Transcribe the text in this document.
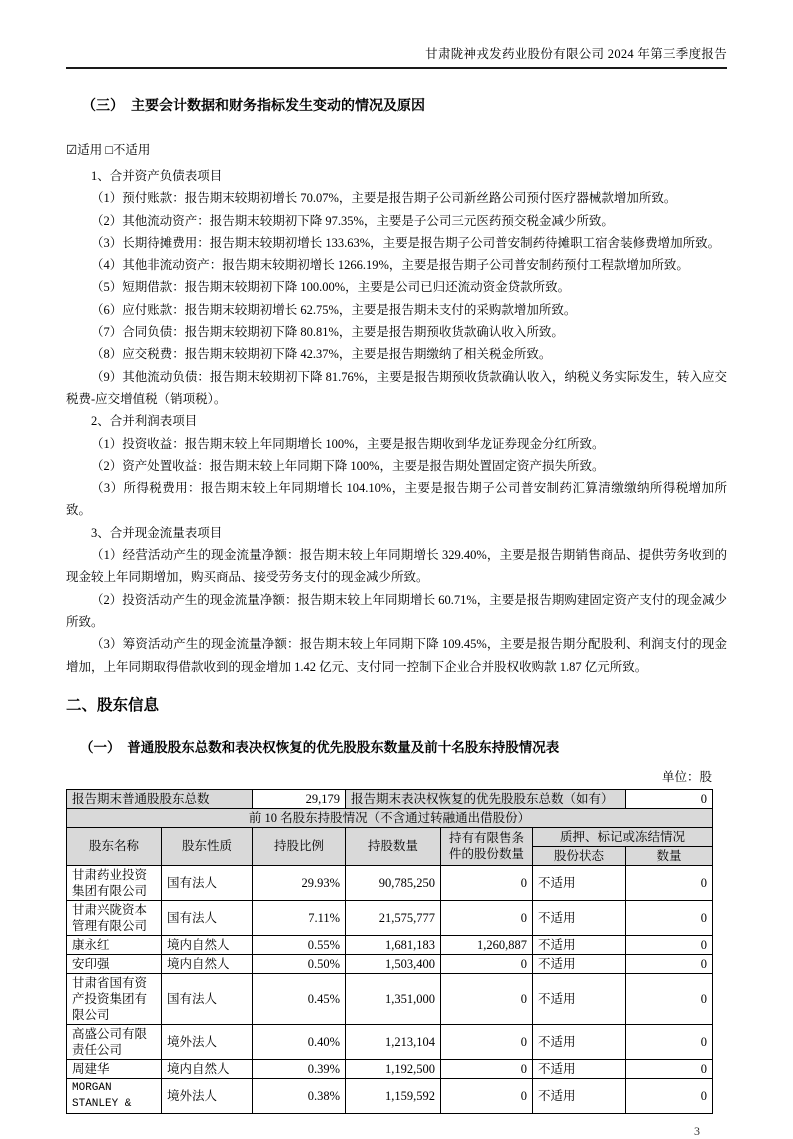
甘肃陇神戎发药业股份有限公司 2024 年第三季度报告
（三）　主要会计数据和财务指标发生变动的情况及原因
☑适用 □不适用

1、合并资产负债表项目

（1）预付账款：报告期末较期初增长 70.07%，主要是报告期子公司新丝路公司预付医疗器械款增加所致。

（2）其他流动资产：报告期末较期初下降 97.35%，主要是子公司三元医药预交税金减少所致。

（3）长期待摊费用：报告期末较期初增长 133.63%，主要是报告期子公司普安制药待摊职工宿舍装修费增加所致。

（4）其他非流动资产：报告期末较期初增长 1266.19%，主要是报告期子公司普安制药预付工程款增加所致。

（5）短期借款：报告期末较期初下降 100.00%，主要是公司已归还流动资金贷款所致。

（6）应付账款：报告期末较期初增长 62.75%，主要是报告期未支付的采购款增加所致。

（7）合同负债：报告期末较期初下降 80.81%，主要是报告期预收货款确认收入所致。

（8）应交税费：报告期末较期初下降 42.37%，主要是报告期缴纳了相关税金所致。

（9）其他流动负债：报告期末较期初下降 81.76%，主要是报告期预收货款确认收入，纳税义务实际发生，转入应交税费-应交增值税（销项税）。

2、合并利润表项目

（1）投资收益：报告期末较上年同期增长 100%，主要是报告期收到华龙证券现金分红所致。

（2）资产处置收益：报告期末较上年同期下降 100%，主要是报告期处置固定资产损失所致。

（3）所得税费用：报告期末较上年同期增长 104.10%，主要是报告期子公司普安制药汇算清缴缴纳所得税增加所致。

3、合并现金流量表项目

（1）经营活动产生的现金流量净额：报告期末较上年同期增长 329.40%，主要是报告期销售商品、提供劳务收到的现金较上年同期增加，购买商品、接受劳务支付的现金减少所致。

（2）投资活动产生的现金流量净额：报告期末较上年同期增长 60.71%，主要是报告期购建固定资产支付的现金减少所致。

（3）筹资活动产生的现金流量净额：报告期末较上年同期下降 109.45%，主要是报告期分配股利、利润支付的现金增加，上年同期取得借款收到的现金增加 1.42 亿元、支付同一控制下企业合并股权收购款 1.87 亿元所致。

二、股东信息
（一）　普通股股东总数和表决权恢复的优先股股东数量及前十名股东持股情况表
单位：股
报告期末普通股股东总数		29,179	报告期末表决权恢复的优先股股东总数（如有）			0
前 10 名股东持股情况（不含通过转融通出借股份）						
股东名称	股东性质	持股比例	持股数量	持有有限售条件的股份数量	质押、标记或冻结情况	
					股份状态	数量
甘肃药业投资集团有限公司	国有法人	29.93%	90,785,250	0	不适用	0
甘肃兴陇资本管理有限公司	国有法人	7.11%	21,575,777	0	不适用	0
康永红	境内自然人	0.55%	1,681,183	1,260,887	不适用	0
安印强	境内自然人	0.50%	1,503,400	0	不适用	0
甘肃省国有资产投资集团有限公司	国有法人	0.45%	1,351,000	0	不适用	0
高盛公司有限责任公司	境外法人	0.40%	1,213,104	0	不适用	0
周建华	境内自然人	0.39%	1,192,500	0	不适用	0
MORGAN STANLEY &	境外法人	0.38%	1,159,592	0	不适用	0
3
